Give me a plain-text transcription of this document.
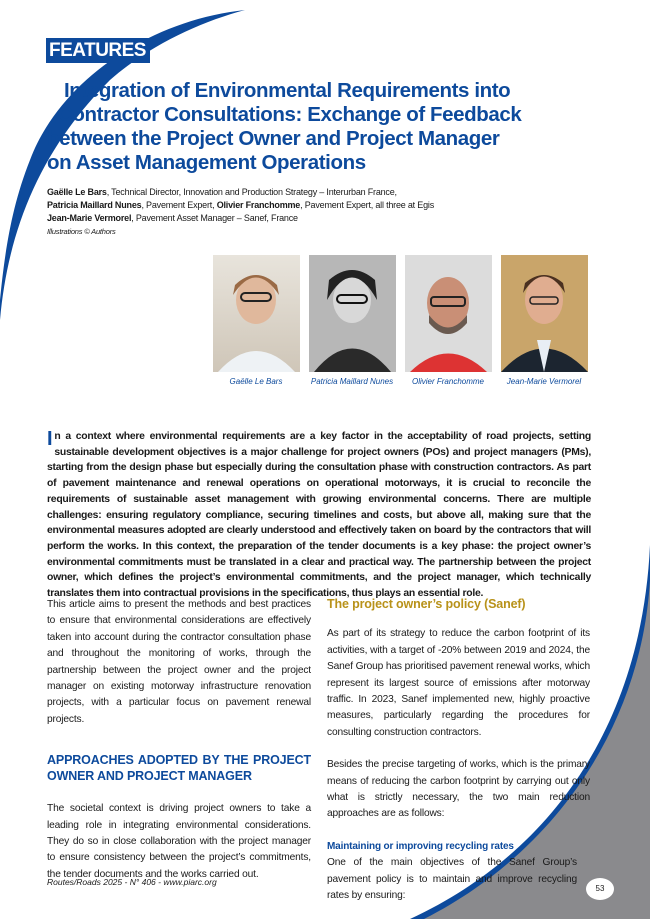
FEATURES
Integration of Environmental Requirements into
Contractor Consultations: Exchange of Feedback
between the Project Owner and Project Manager
on Asset Management Operations
Gaëlle Le Bars, Technical Director, Innovation and Production Strategy – Interurban France,
Patricia Maillard Nunes, Pavement Expert, Olivier Franchomme, Pavement Expert, all three at Egis
Jean-Marie Vermorel, Pavement Asset Manager – Sanef, France
Illustrations © Authors
Gaëlle Le Bars	Patricia Maillard Nunes	Olivier Franchomme	Jean-Marie Vermorel
In a context where environmental requirements are a key factor in the acceptability of road projects, setting sustainable development objectives is a major challenge for project owners (POs) and project managers (PMs), starting from the design phase but especially during the consultation phase with construction contractors. As part of pavement maintenance and renewal operations on operational motorways, it is crucial to reconcile the requirements of sustainable asset management with growing environmental concerns. There are multiple challenges: ensuring regulatory compliance, securing timelines and costs, but above all, making sure that the environmental measures adopted are clearly understood and effectively taken on board by the contractors that will perform the works. In this context, the preparation of the tender documents is a key phase: the project owner’s environmental commitments must be translated in a clear and practical way. The partnership between the project owner, which defines the project’s environmental commitments, and the project manager, which technically translates them into contractual provisions in the specifications, thus plays an essential role.
This article aims to present the methods and best practices to ensure that environmental considerations are effectively taken into account during the contractor consultation phase and throughout the monitoring of works, through the partnership between the project owner and the project manager on existing motorway infrastructure renovation projects, with a particular focus on pavement renewal projects.
APPROACHES ADOPTED BY THE PROJECT OWNER AND PROJECT MANAGER
The societal context is driving project owners to take a leading role in integrating environmental considerations. They do so in close collaboration with the project manager to ensure consistency between the project’s commitments, the tender documents and the works carried out.
The project owner’s policy (Sanef)
As part of its strategy to reduce the carbon footprint of its activities, with a target of -20% between 2019 and 2024, the Sanef Group has prioritised pavement renewal works, which represent its largest source of emissions after motorway traffic. In 2023, Sanef implemented new, highly proactive measures, particularly regarding the procedures for consulting construction contractors.
Besides the precise targeting of works, which is the primary means of reducing the carbon footprint by carrying out only what is strictly necessary, the two main reduction approaches are as follows:
Maintaining or improving recycling rates
One of the main objectives of the Sanef Group’s pavement policy is to maintain and improve recycling rates by ensuring:
Routes/Roads 2025 - N° 406 - www.piarc.org
53
